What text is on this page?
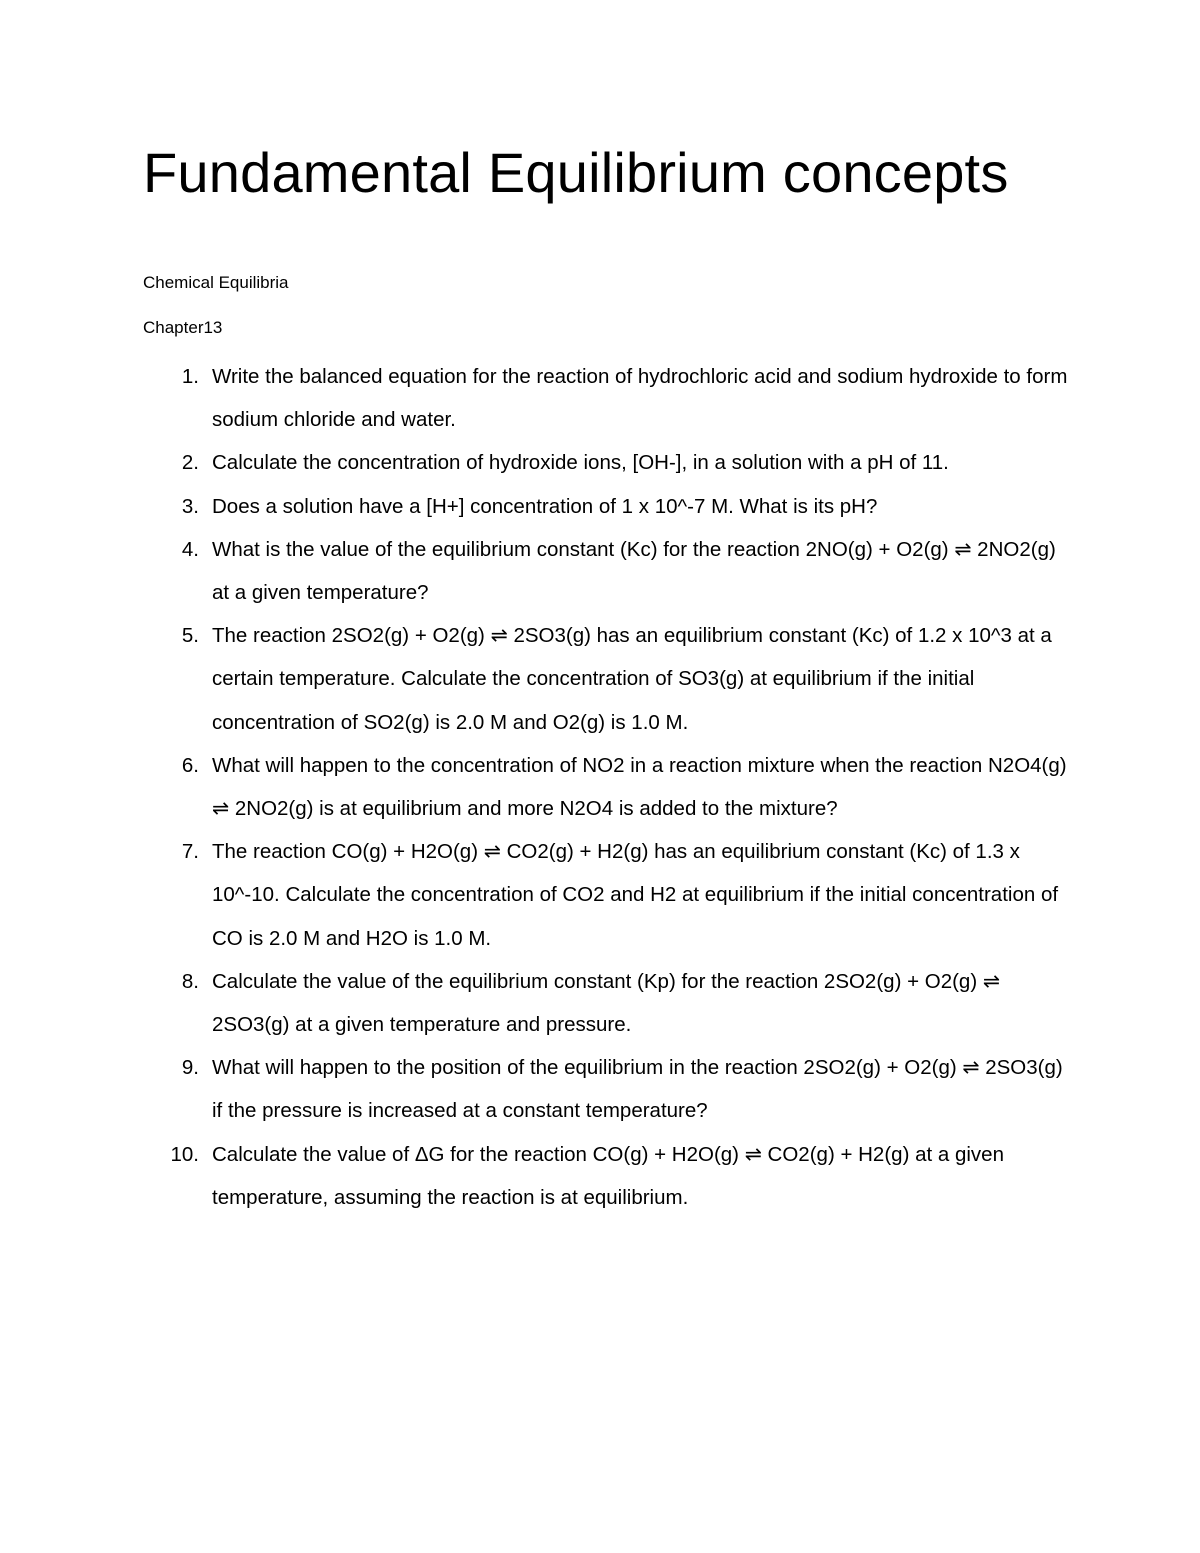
Fundamental Equilibrium concepts

Chemical Equilibria

Chapter13

1. Write the balanced equation for the reaction of hydrochloric acid and sodium hydroxide to form sodium chloride and water.
2. Calculate the concentration of hydroxide ions, [OH-], in a solution with a pH of 11.
3. Does a solution have a [H+] concentration of 1 x 10^-7 M. What is its pH?
4. What is the value of the equilibrium constant (Kc) for the reaction 2NO(g) + O2(g) ⇌ 2NO2(g) at a given temperature?
5. The reaction 2SO2(g) + O2(g) ⇌ 2SO3(g) has an equilibrium constant (Kc) of 1.2 x 10^3 at a certain temperature. Calculate the concentration of SO3(g) at equilibrium if the initial concentration of SO2(g) is 2.0 M and O2(g) is 1.0 M.
6. What will happen to the concentration of NO2 in a reaction mixture when the reaction N2O4(g) ⇌ 2NO2(g) is at equilibrium and more N2O4 is added to the mixture?
7. The reaction CO(g) + H2O(g) ⇌ CO2(g) + H2(g) has an equilibrium constant (Kc) of 1.3 x 10^-10. Calculate the concentration of CO2 and H2 at equilibrium if the initial concentration of CO is 2.0 M and H2O is 1.0 M.
8. Calculate the value of the equilibrium constant (Kp) for the reaction 2SO2(g) + O2(g) ⇌ 2SO3(g) at a given temperature and pressure.
9. What will happen to the position of the equilibrium in the reaction 2SO2(g) + O2(g) ⇌ 2SO3(g) if the pressure is increased at a constant temperature?
10. Calculate the value of ΔG for the reaction CO(g) + H2O(g) ⇌ CO2(g) + H2(g) at a given temperature, assuming the reaction is at equilibrium.
